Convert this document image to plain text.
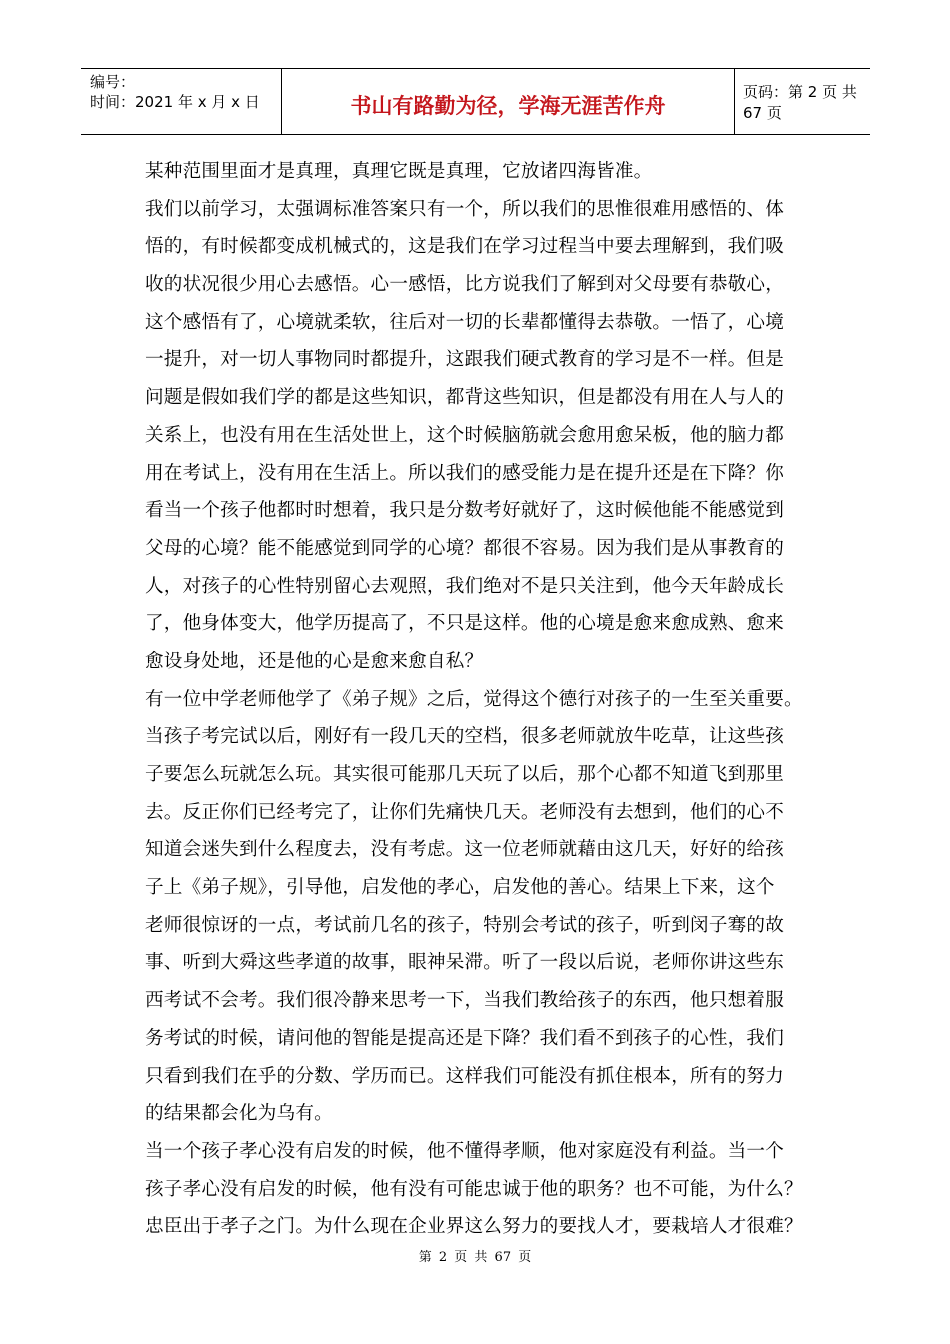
编号：
时间：2021 年 x 月 x 日	书山有路勤为径，学海无涯苦作舟
页码：第 2 页 共 67 页
某种范围里面才是真理，真理它既是真理，它放诸四海皆准。
我们以前学习，太强调标准答案只有一个，所以我们的思惟很难用感悟的、体
悟的，有时候都变成机械式的，这是我们在学习过程当中要去理解到，我们吸
收的状况很少用心去感悟。心一感悟，比方说我们了解到对父母要有恭敬心，
这个感悟有了，心境就柔软，往后对一切的长辈都懂得去恭敬。一悟了，心境
一提升，对一切人事物同时都提升，这跟我们硬式教育的学习是不一样。但是
问题是假如我们学的都是这些知识，都背这些知识，但是都没有用在人与人的
关系上，也没有用在生活处世上，这个时候脑筋就会愈用愈呆板，他的脑力都
用在考试上，没有用在生活上。所以我们的感受能力是在提升还是在下降？你
看当一个孩子他都时时想着，我只是分数考好就好了，这时候他能不能感觉到
父母的心境？能不能感觉到同学的心境？都很不容易。因为我们是从事教育的
人，对孩子的心性特别留心去观照，我们绝对不是只关注到，他今天年龄成长
了，他身体变大，他学历提高了，不只是这样。他的心境是愈来愈成熟、愈来
愈设身处地，还是他的心是愈来愈自私？
有一位中学老师他学了《弟子规》之后，觉得这个德行对孩子的一生至关重要。
当孩子考完试以后，刚好有一段几天的空档，很多老师就放牛吃草，让这些孩
子要怎么玩就怎么玩。其实很可能那几天玩了以后，那个心都不知道飞到那里
去。反正你们已经考完了，让你们先痛快几天。老师没有去想到，他们的心不
知道会迷失到什么程度去，没有考虑。这一位老师就藉由这几天，好好的给孩
子上《弟子规》，引导他，启发他的孝心，启发他的善心。结果上下来，这个
老师很惊讶的一点，考试前几名的孩子，特别会考试的孩子，听到闵子骞的故
事、听到大舜这些孝道的故事，眼神呆滞。听了一段以后说，老师你讲这些东
西考试不会考。我们很冷静来思考一下，当我们教给孩子的东西，他只想着服
务考试的时候，请问他的智能是提高还是下降？我们看不到孩子的心性，我们
只看到我们在乎的分数、学历而已。这样我们可能没有抓住根本，所有的努力
的结果都会化为乌有。
当一个孩子孝心没有启发的时候，他不懂得孝顺，他对家庭没有利益。当一个
孩子孝心没有启发的时候，他有没有可能忠诚于他的职务？也不可能，为什么？
忠臣出于孝子之门。为什么现在企业界这么努力的要找人才，要栽培人才很难？
第 2 页 共 67 页
